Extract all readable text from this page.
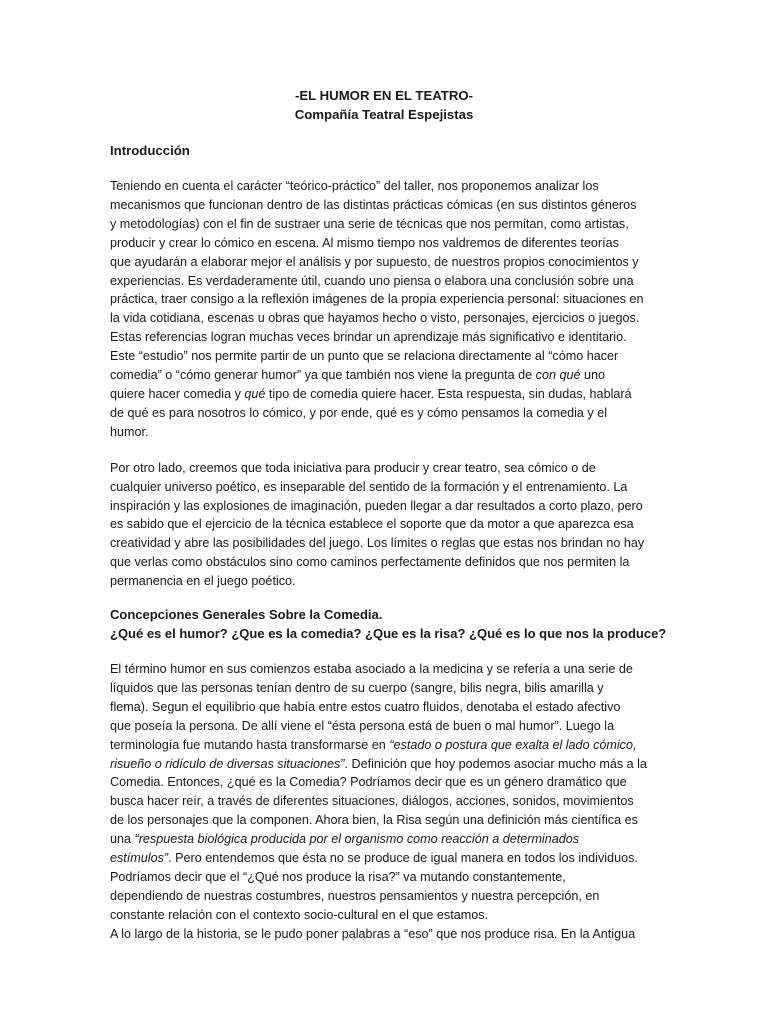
-EL HUMOR EN EL TEATRO-
Compañía Teatral Espejistas
Introducción

Teniendo en cuenta el carácter “teórico-práctico” del taller, nos proponemos analizar los
mecanismos que funcionan dentro de las distintas prácticas cómicas (en sus distintos géneros
y metodologías) con el fin de sustraer una serie de técnicas que nos permitan, como artistas,
producir y crear lo cómico en escena. Al mismo tiempo nos valdremos de diferentes teorías
que ayudarán a elaborar mejor el análisis y por supuesto, de nuestros propios conocimientos y
experiencias. Es verdaderamente útil, cuando uno piensa o elabora una conclusión sobre una
práctica, traer consigo a la reflexión imágenes de la propia experiencia personal: situaciones en
la vida cotidiana, escenas u obras que hayamos hecho o visto, personajes, ejercicios o juegos.
Estas referencias logran muchas veces brindar un aprendizaje más significativo e identitario.
Este “estudio” nos permite partir de un punto que se relaciona directamente al “cómo hacer
comedia” o “cómo generar humor” ya que también nos viene la pregunta de con qué uno
quiere hacer comedia y qué tipo de comedia quiere hacer. Esta respuesta, sin dudas, hablará
de qué es para nosotros lo cómico, y por ende, qué es y cómo pensamos la comedia y el
humor.

Por otro lado, creemos que toda iniciativa para producir y crear teatro, sea cómico o de
cualquier universo poético, es inseparable del sentido de la formación y el entrenamiento. La
inspiración y las explosiones de imaginación, pueden llegar a dar resultados a corto plazo, pero
es sabido que el ejercicio de la técnica establece el soporte que da motor a que aparezca esa
creatividad y abre las posibilidades del juego. Los límites o reglas que estas nos brindan no hay
que verlas como obstáculos sino como caminos perfectamente definidos que nos permiten la
permanencia en el juego poético.

Concepciones Generales Sobre la Comedia.
¿Qué es el humor? ¿Que es la comedia? ¿Que es la risa? ¿Qué es lo que nos la produce?

El término humor en sus comienzos estaba asociado a la medicina y se refería a una serie de
líquidos que las personas tenían dentro de su cuerpo (sangre, bilis negra, bilis amarilla y
flema). Segun el equilibrio que había entre estos cuatro fluidos, denotaba el estado afectivo
que poseía la persona. De allí viene el “ésta persona está de buen o mal humor”. Luego la
terminología fue mutando hasta transformarse en “estado o postura que exalta el lado cómico,
risueño o ridículo de diversas situaciones”. Definición que hoy podemos asociar mucho más a la
Comedia. Entonces, ¿qué es la Comedia? Podríamos decir que es un género dramático que
busca hacer reír, a través de diferentes situaciones, diálogos, acciones, sonidos, movimientos
de los personajes que la componen. Ahora bien, la Risa según una definición más científica es
una “respuesta biológica producida por el organismo como reacción a determinados
estímulos”. Pero entendemos que ésta no se produce de igual manera en todos los individuos.
Podríamos decir que el “¿Qué nos produce la risa?” va mutando constantemente,
dependiendo de nuestras costumbres, nuestros pensamientos y nuestra percepción, en
constante relación con el contexto socio-cultural en el que estamos.

A lo largo de la historia, se le pudo poner palabras a “eso” que nos produce risa. En la Antigua
